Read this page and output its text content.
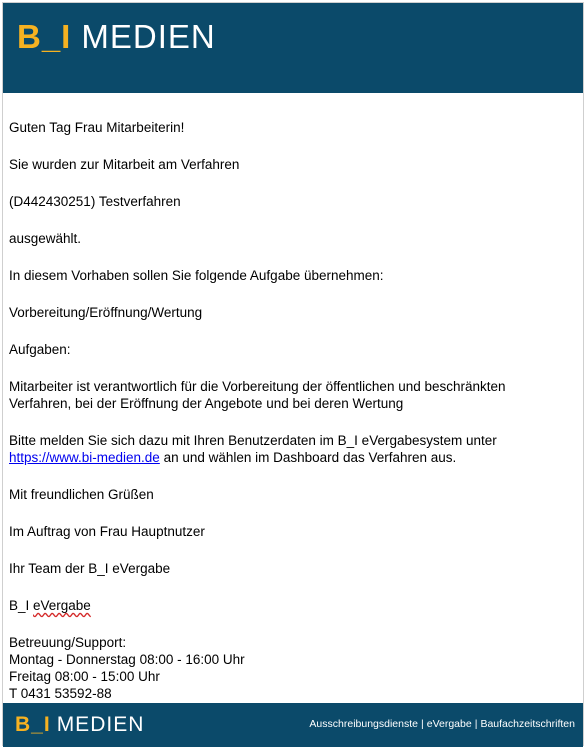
B_I MEDIEN

Guten Tag Frau Mitarbeiterin!

Sie wurden zur Mitarbeit am Verfahren

(D442430251) Testverfahren

ausgewählt.

In diesem Vorhaben sollen Sie folgende Aufgabe übernehmen:

Vorbereitung/Eröffnung/Wertung

Aufgaben:

Mitarbeiter ist verantwortlich für die Vorbereitung der öffentlichen und beschränkten Verfahren, bei der Eröffnung der Angebote und bei deren Wertung

Bitte melden Sie sich dazu mit Ihren Benutzerdaten im B_I eVergabesystem unter
https://www.bi-medien.de an und wählen im Dashboard das Verfahren aus.

Mit freundlichen Grüßen

Im Auftrag von Frau Hauptnutzer

Ihr Team der B_I eVergabe

B_I eVergabe

Betreuung/Support:
Montag - Donnerstag 08:00 - 16:00 Uhr
Freitag 08:00 - 15:00 Uhr
T 0431 53592-88

B_I MEDIEN	Ausschreibungsdienste | eVergabe | Baufachzeitschriften
